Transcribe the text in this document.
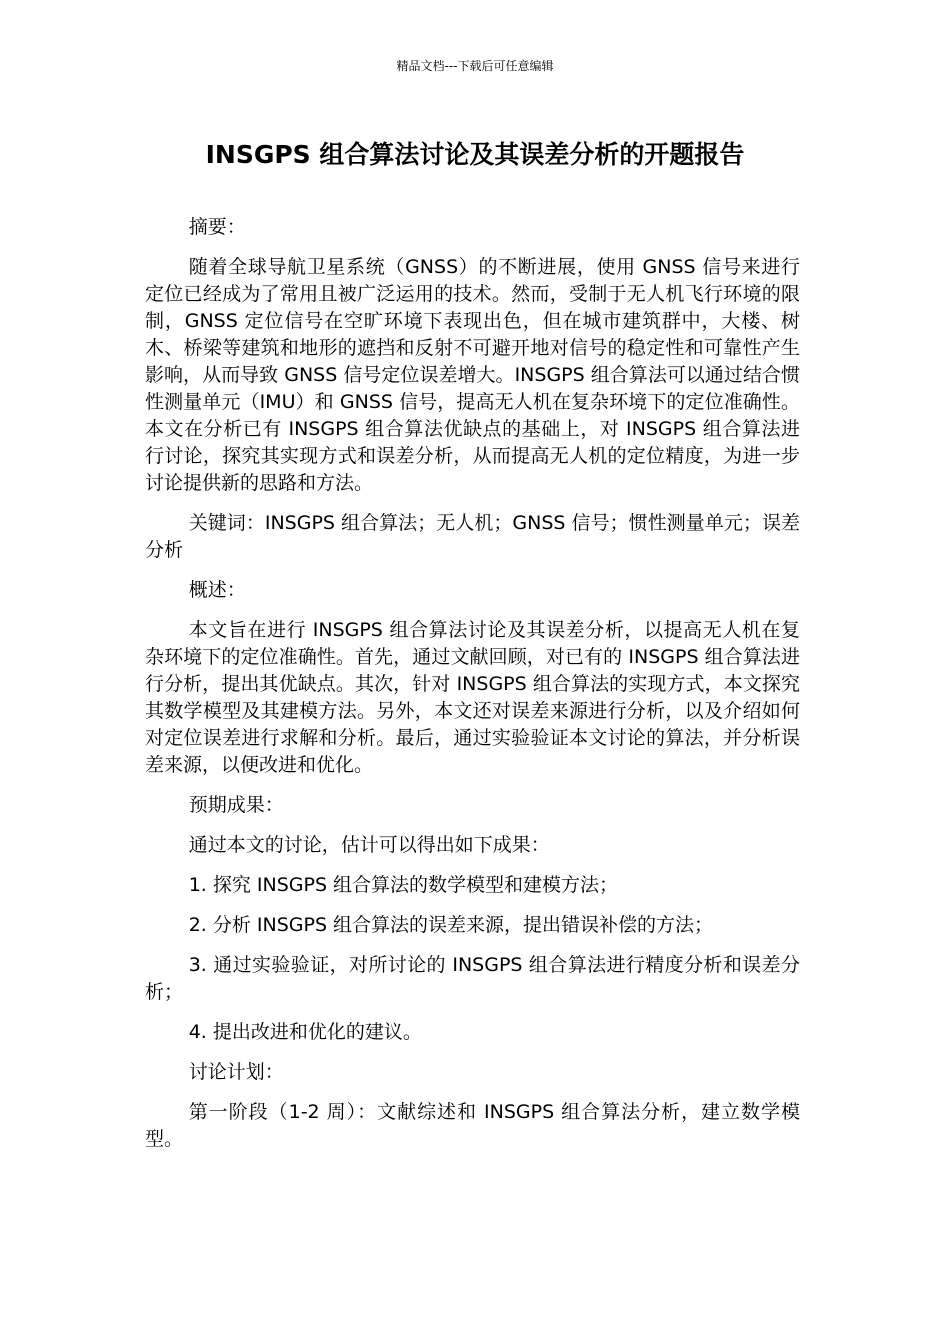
精品文档---下载后可任意编辑
INSGPS 组合算法讨论及其误差分析的开题报告

摘要：

随着全球导航卫星系统（GNSS）的不断进展，使用 GNSS 信号来进行定位已经成为了常用且被广泛运用的技术。然而，受制于无人机飞行环境的限制，GNSS 定位信号在空旷环境下表现出色，但在城市建筑群中，大楼、树木、桥梁等建筑和地形的遮挡和反射不可避开地对信号的稳定性和可靠性产生影响，从而导致 GNSS 信号定位误差增大。INSGPS 组合算法可以通过结合惯性测量单元（IMU）和 GNSS 信号，提高无人机在复杂环境下的定位准确性。本文在分析已有 INSGPS 组合算法优缺点的基础上，对 INSGPS 组合算法进行讨论，探究其实现方式和误差分析，从而提高无人机的定位精度，为进一步讨论提供新的思路和方法。

关键词：INSGPS 组合算法；无人机；GNSS 信号；惯性测量单元；误差分析

概述：

本文旨在进行 INSGPS 组合算法讨论及其误差分析，以提高无人机在复杂环境下的定位准确性。首先，通过文献回顾，对已有的 INSGPS 组合算法进行分析，提出其优缺点。其次，针对 INSGPS 组合算法的实现方式，本文探究其数学模型及其建模方法。另外，本文还对误差来源进行分析，以及介绍如何对定位误差进行求解和分析。最后，通过实验验证本文讨论的算法，并分析误差来源，以便改进和优化。

预期成果：

通过本文的讨论，估计可以得出如下成果：

1. 探究 INSGPS 组合算法的数学模型和建模方法；

2. 分析 INSGPS 组合算法的误差来源，提出错误补偿的方法；

3. 通过实验验证，对所讨论的 INSGPS 组合算法进行精度分析和误差分析；

4. 提出改进和优化的建议。

讨论计划：

第一阶段（1-2 周）：文献综述和 INSGPS 组合算法分析，建立数学模型。
